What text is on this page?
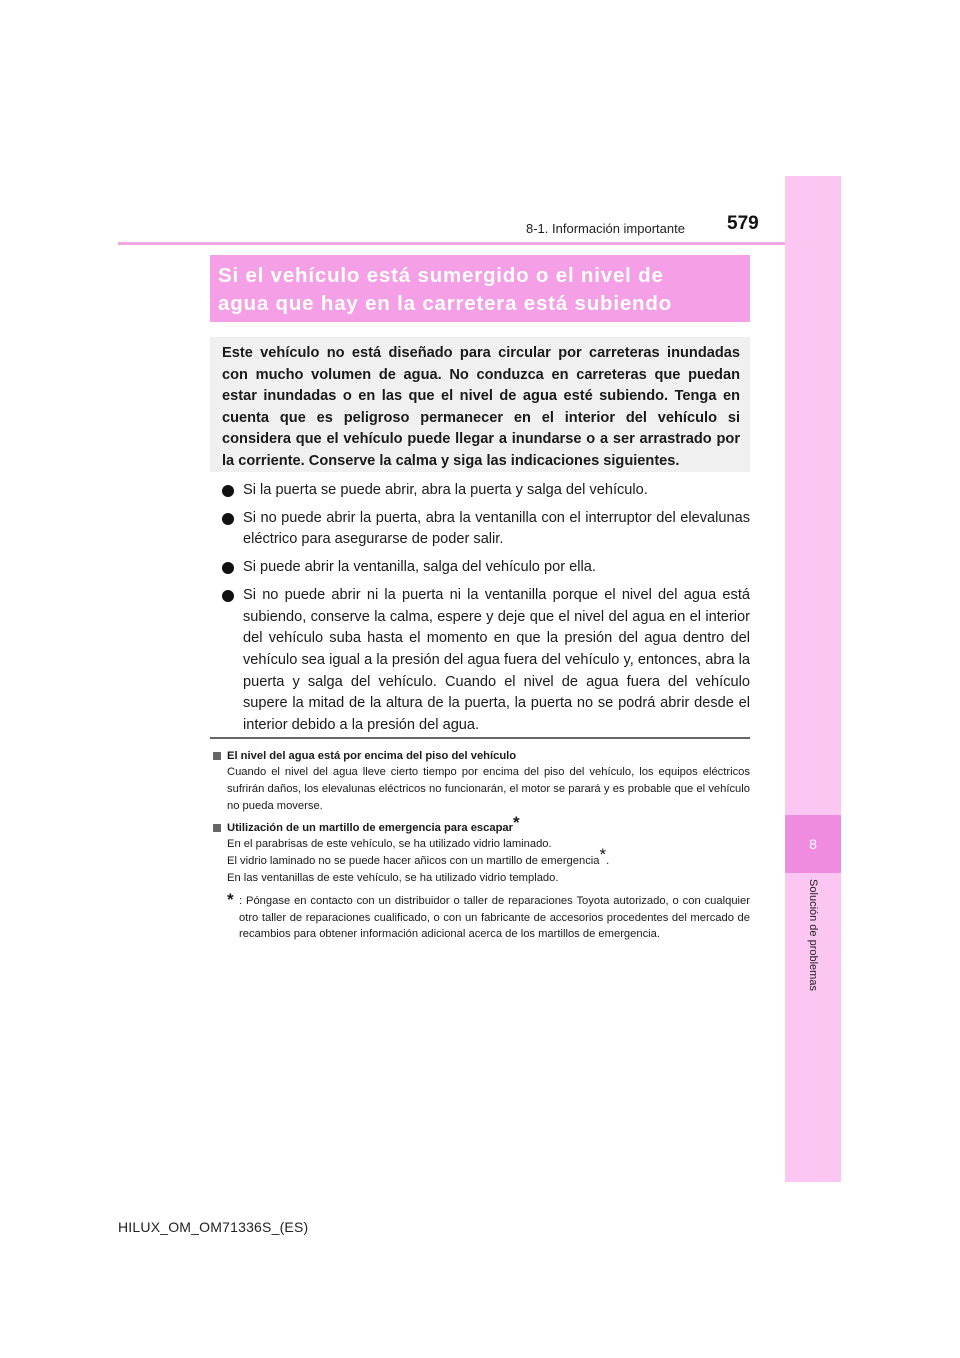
8
Solución de problemas
8-1. Información importante 579
Si el vehículo está sumergido o el nivel de
agua que hay en la carretera está subiendo

Este vehículo no está diseñado para circular por carreteras inundadas con mucho volumen de agua. No conduzca en carreteras que puedan estar inundadas o en las que el nivel de agua esté subiendo. Tenga en cuenta que es peligroso permanecer en el interior del vehículo si considera que el vehículo puede llegar a inundarse o a ser arrastrado por la corriente. Conserve la calma y siga las indicaciones siguientes.

Si la puerta se puede abrir, abra la puerta y salga del vehículo.
Si no puede abrir la puerta, abra la ventanilla con el interruptor del elevalunas eléctrico para asegurarse de poder salir.
Si puede abrir la ventanilla, salga del vehículo por ella.
Si no puede abrir ni la puerta ni la ventanilla porque el nivel del agua está subiendo, conserve la calma, espere y deje que el nivel del agua en el interior del vehículo suba hasta el momento en que la presión del agua dentro del vehículo sea igual a la presión del agua fuera del vehículo y, entonces, abra la puerta y salga del vehículo. Cuando el nivel de agua fuera del vehículo supere la mitad de la altura de la puerta, la puerta no se podrá abrir desde el interior debido a la presión del agua.

El nivel del agua está por encima del piso del vehículo

Cuando el nivel del agua lleve cierto tiempo por encima del piso del vehículo, los equipos eléctricos sufrirán daños, los elevalunas eléctricos no funcionarán, el motor se parará y es probable que el vehículo no pueda moverse.

Utilización de un martillo de emergencia para escapar*

En el parabrisas de este vehículo, se ha utilizado vidrio laminado.
El vidrio laminado no se puede hacer añicos con un martillo de emergencia*.
En las ventanillas de este vehículo, se ha utilizado vidrio templado.

* : Póngase en contacto con un distribuidor o taller de reparaciones Toyota autorizado, o con cualquier otro taller de reparaciones cualificado, o con un fabricante de accesorios procedentes del mercado de recambios para obtener información adicional acerca de los martillos de emergencia.

HILUX_OM_OM71336S_(ES)
